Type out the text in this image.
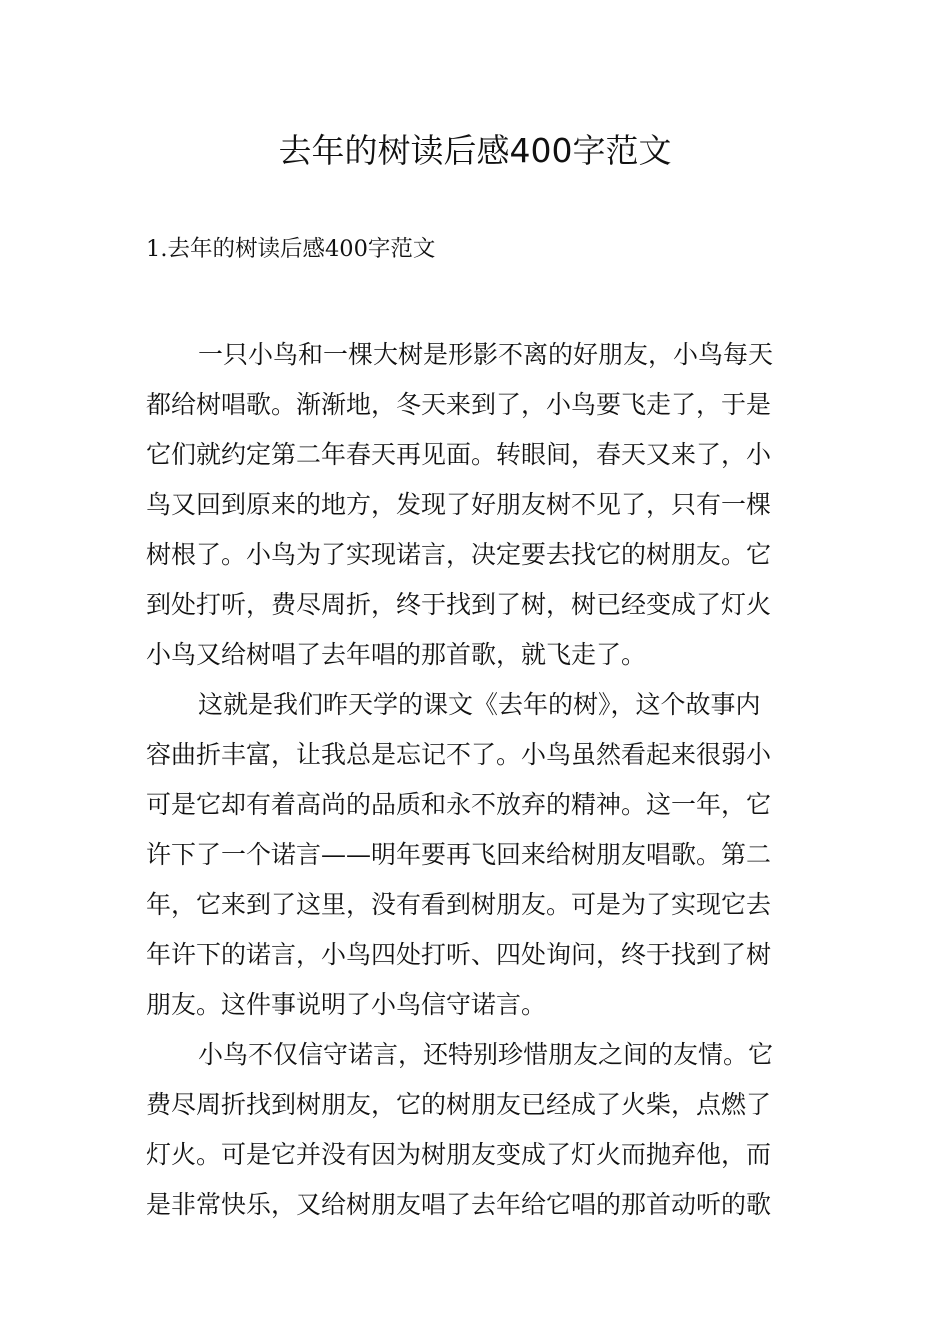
去年的树读后感400字范文

1.去年的树读后感400字范文

一只小鸟和一棵大树是形影不离的好朋友，小鸟每天
都给树唱歌。渐渐地，冬天来到了，小鸟要飞走了，于是
它们就约定第二年春天再见面。转眼间，春天又来了，小
鸟又回到原来的地方，发现了好朋友树不见了，只有一棵
树根了。小鸟为了实现诺言，决定要去找它的树朋友。它
到处打听，费尽周折，终于找到了树，树已经变成了灯火
小鸟又给树唱了去年唱的那首歌，就飞走了。
这就是我们昨天学的课文《去年的树》，这个故事内
容曲折丰富，让我总是忘记不了。小鸟虽然看起来很弱小
可是它却有着高尚的品质和永不放弃的精神。这一年，它
许下了一个诺言——明年要再飞回来给树朋友唱歌。第二
年，它来到了这里，没有看到树朋友。可是为了实现它去
年许下的诺言，小鸟四处打听、四处询问，终于找到了树
朋友。这件事说明了小鸟信守诺言。
小鸟不仅信守诺言，还特别珍惜朋友之间的友情。它
费尽周折找到树朋友，它的树朋友已经成了火柴，点燃了
灯火。可是它并没有因为树朋友变成了灯火而抛弃他，而
是非常快乐，又给树朋友唱了去年给它唱的那首动听的歌
